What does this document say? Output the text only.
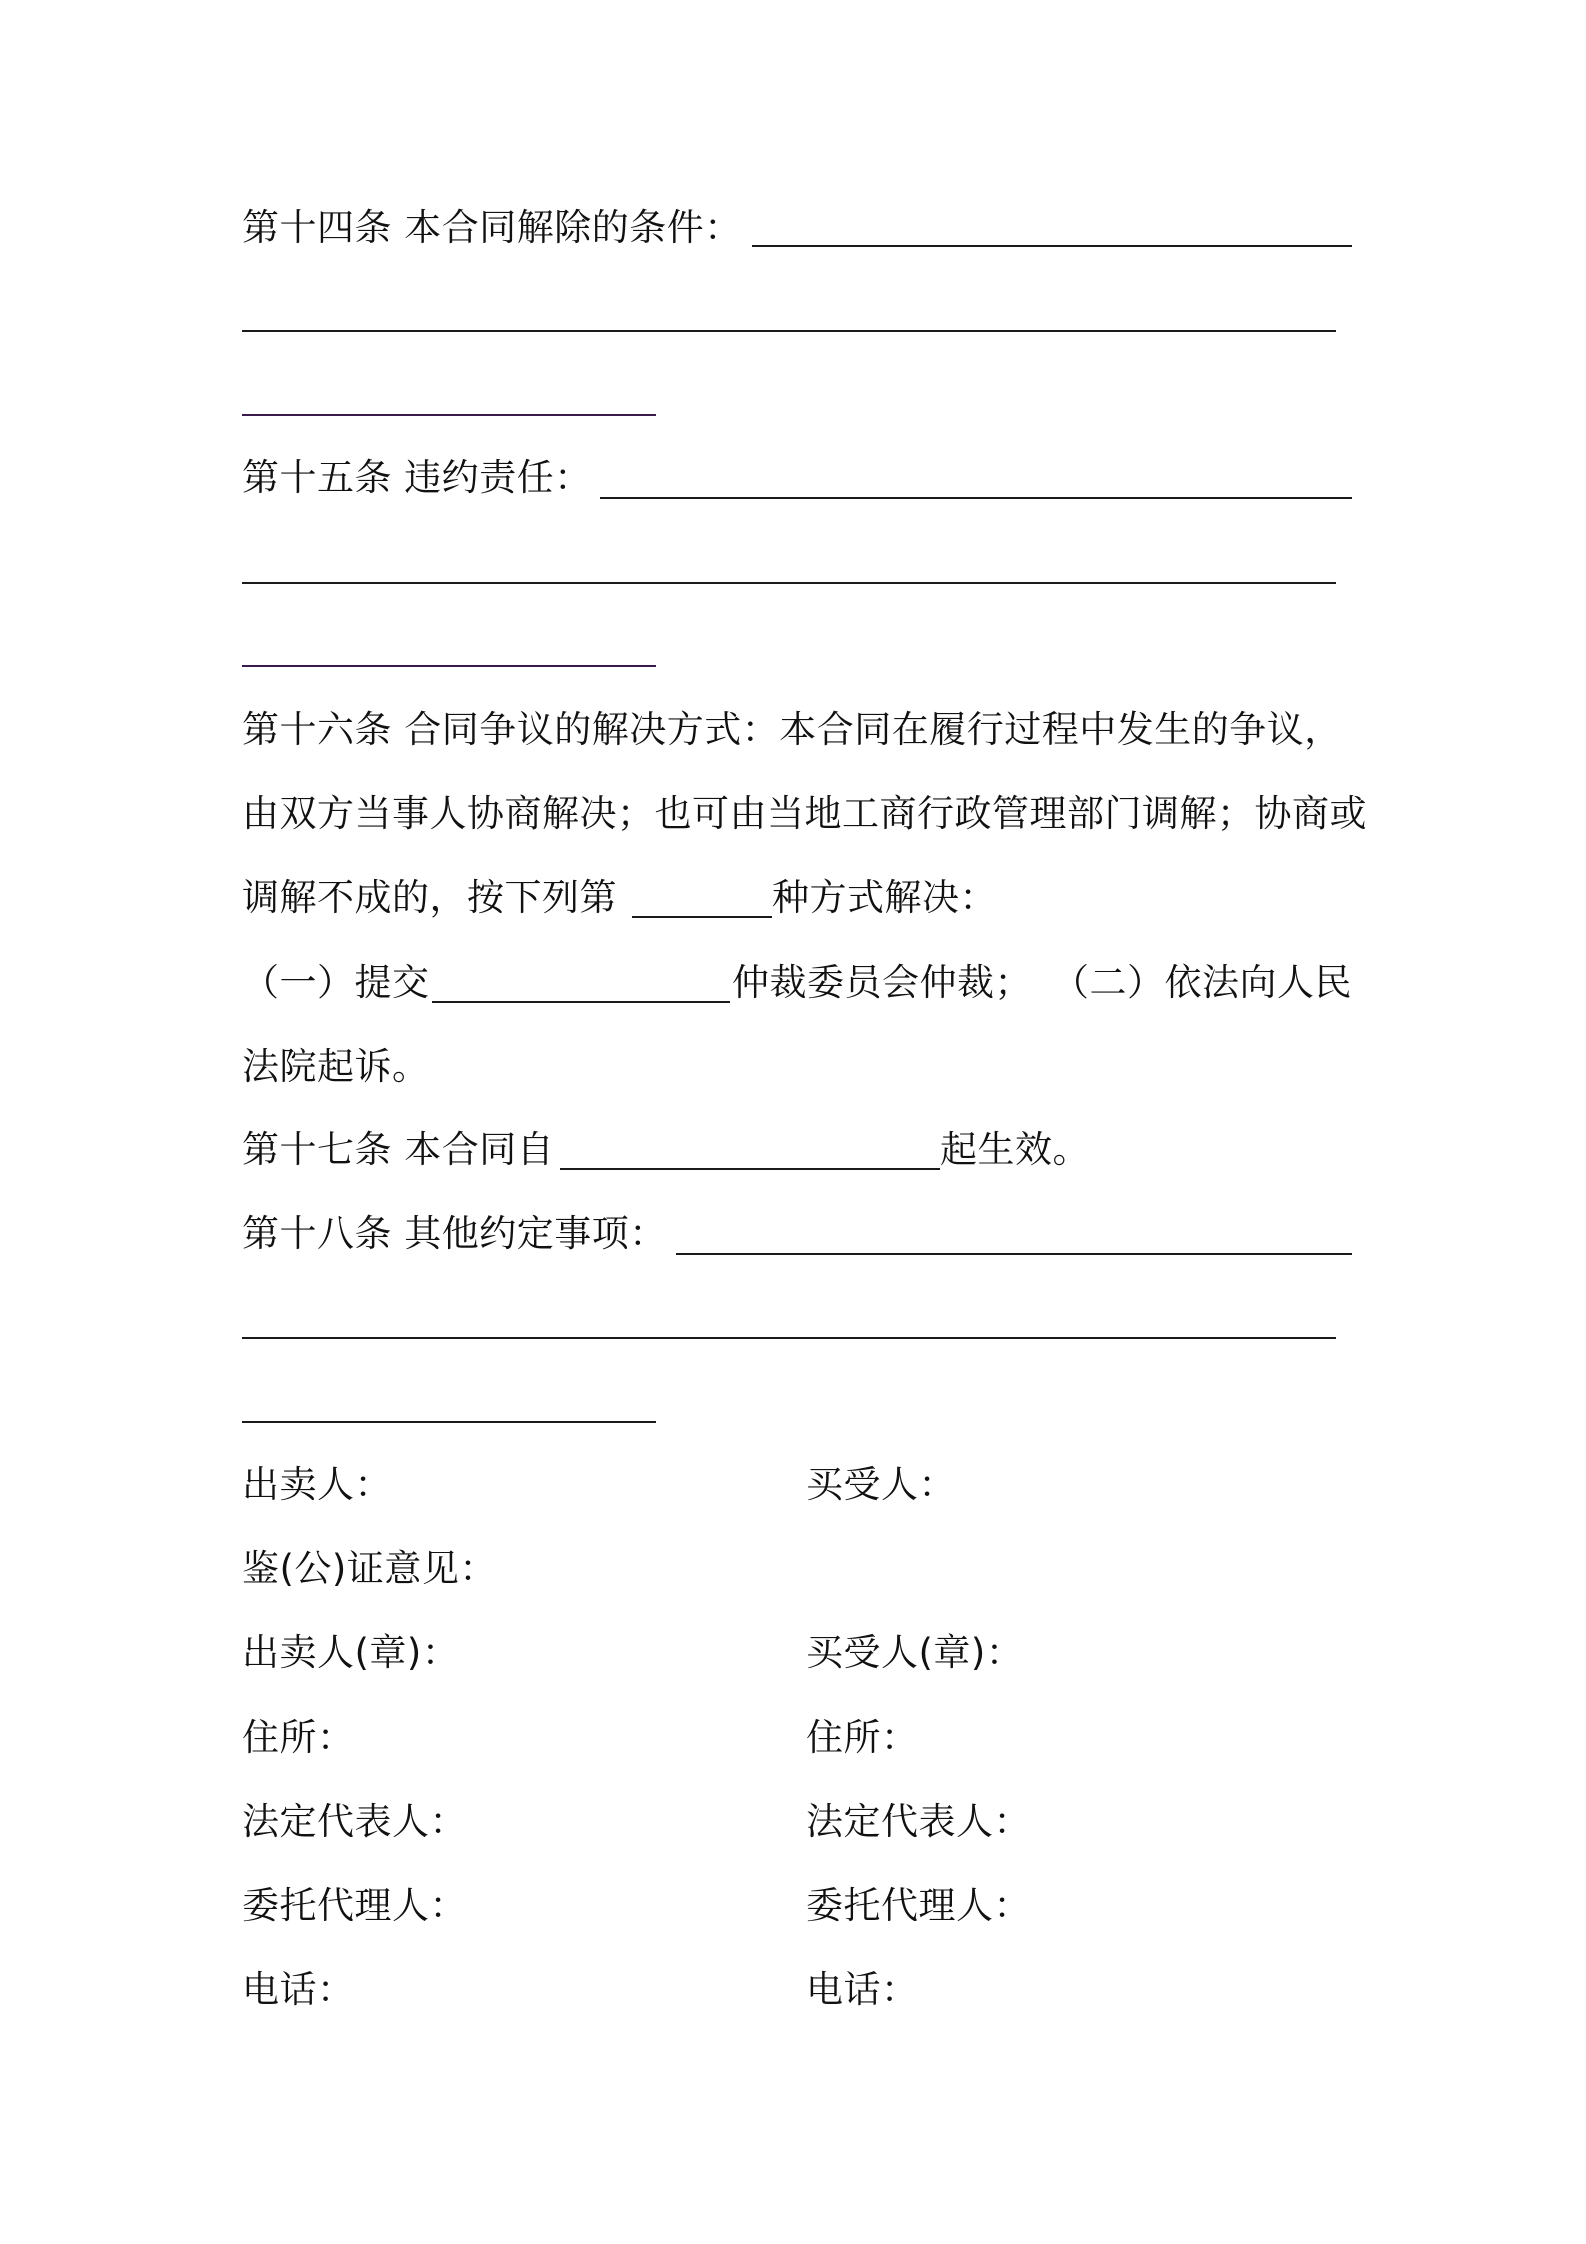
第十四条 本合同解除的条件：
第十五条 违约责任：
第十六条 合同争议的解决方式：本合同在履行过程中发生的争议，
由双方当事人协商解决；也可由当地工商行政管理部门调解；协商或
调解不成的，按下列第	种方式解决：
（一）提交	仲裁委员会仲裁； （二）依法向人民
法院起诉。
第十七条 本合同自	起生效。
第十八条 其他约定事项：
出卖人：	买受人：
鉴(公)证意见：
出卖人(章)：	买受人(章)：
住所：	住所：
法定代表人：	法定代表人：
委托代理人：	委托代理人：
电话：	电话：
